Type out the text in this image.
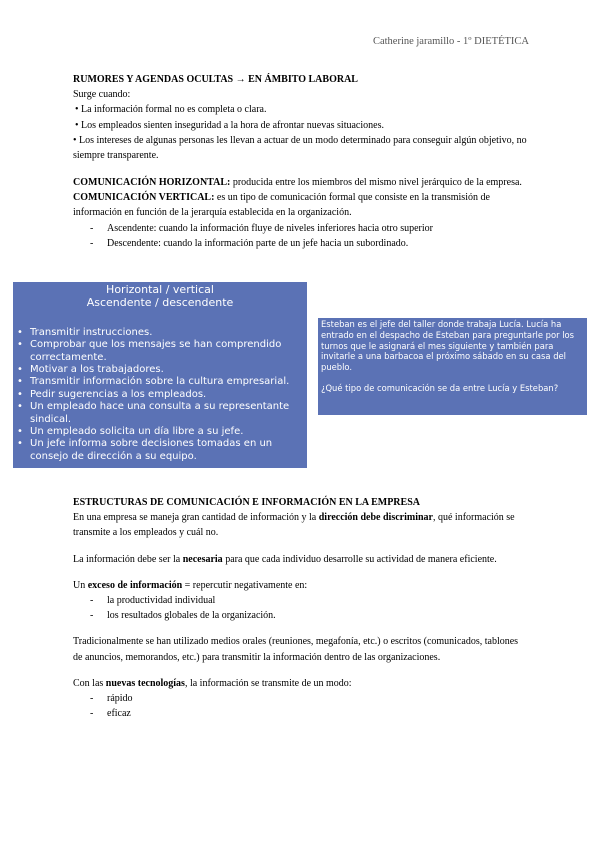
Catherine jaramillo - 1º DIETÉTICA

RUMORES Y AGENDAS OCULTAS → EN ÁMBITO LABORAL

Surge cuando:

• La información formal no es completa o clara.

• Los empleados sienten inseguridad a la hora de afrontar nuevas situaciones.

• Los intereses de algunas personas les llevan a actuar de un modo determinado para conseguir algún objetivo, no siempre transparente.

COMUNICACIÓN HORIZONTAL: producida entre los miembros del mismo nivel jerárquico de la empresa.

COMUNICACIÓN VERTICAL: es un tipo de comunicación formal que consiste en la transmisión de información en función de la jerarquía establecida en la organización.

- Ascendente: cuando la información fluye de niveles inferiores hacia otro superior
- Descendente: cuando la información parte de un jefe hacia un subordinado.
Horizontal / vertical
Ascendente / descendente
• Transmitir instrucciones.
• Comprobar que los mensajes se han comprendido correctamente.
• Motivar a los trabajadores.
• Transmitir información sobre la cultura empresarial.
• Pedir sugerencias a los empleados.
• Un empleado hace una consulta a su representante sindical.
• Un empleado solicita un día libre a su jefe.
• Un jefe informa sobre decisiones tomadas en un consejo de dirección a su equipo.

Esteban es el jefe del taller donde trabaja Lucía. Lucía ha entrado en el despacho de Esteban para preguntarle por los turnos que le asignará el mes siguiente y también para invitarle a una barbacoa el próximo sábado en su casa del pueblo.

¿Qué tipo de comunicación se da entre Lucía y Esteban?

ESTRUCTURAS DE COMUNICACIÓN E INFORMACIÓN EN LA EMPRESA

En una empresa se maneja gran cantidad de información y la dirección debe discriminar, qué información se transmite a los empleados y cuál no.

La información debe ser la necesaria para que cada individuo desarrolle su actividad de manera eficiente.

Un exceso de información = repercutir negativamente en:

- la productividad individual
- los resultados globales de la organización.

Tradicionalmente se han utilizado medios orales (reuniones, megafonía, etc.) o escritos (comunicados, tablones de anuncios, memorandos, etc.) para transmitir la información dentro de las organizaciones.

Con las nuevas tecnologías, la información se transmite de un modo:

- rápido
- eficaz
